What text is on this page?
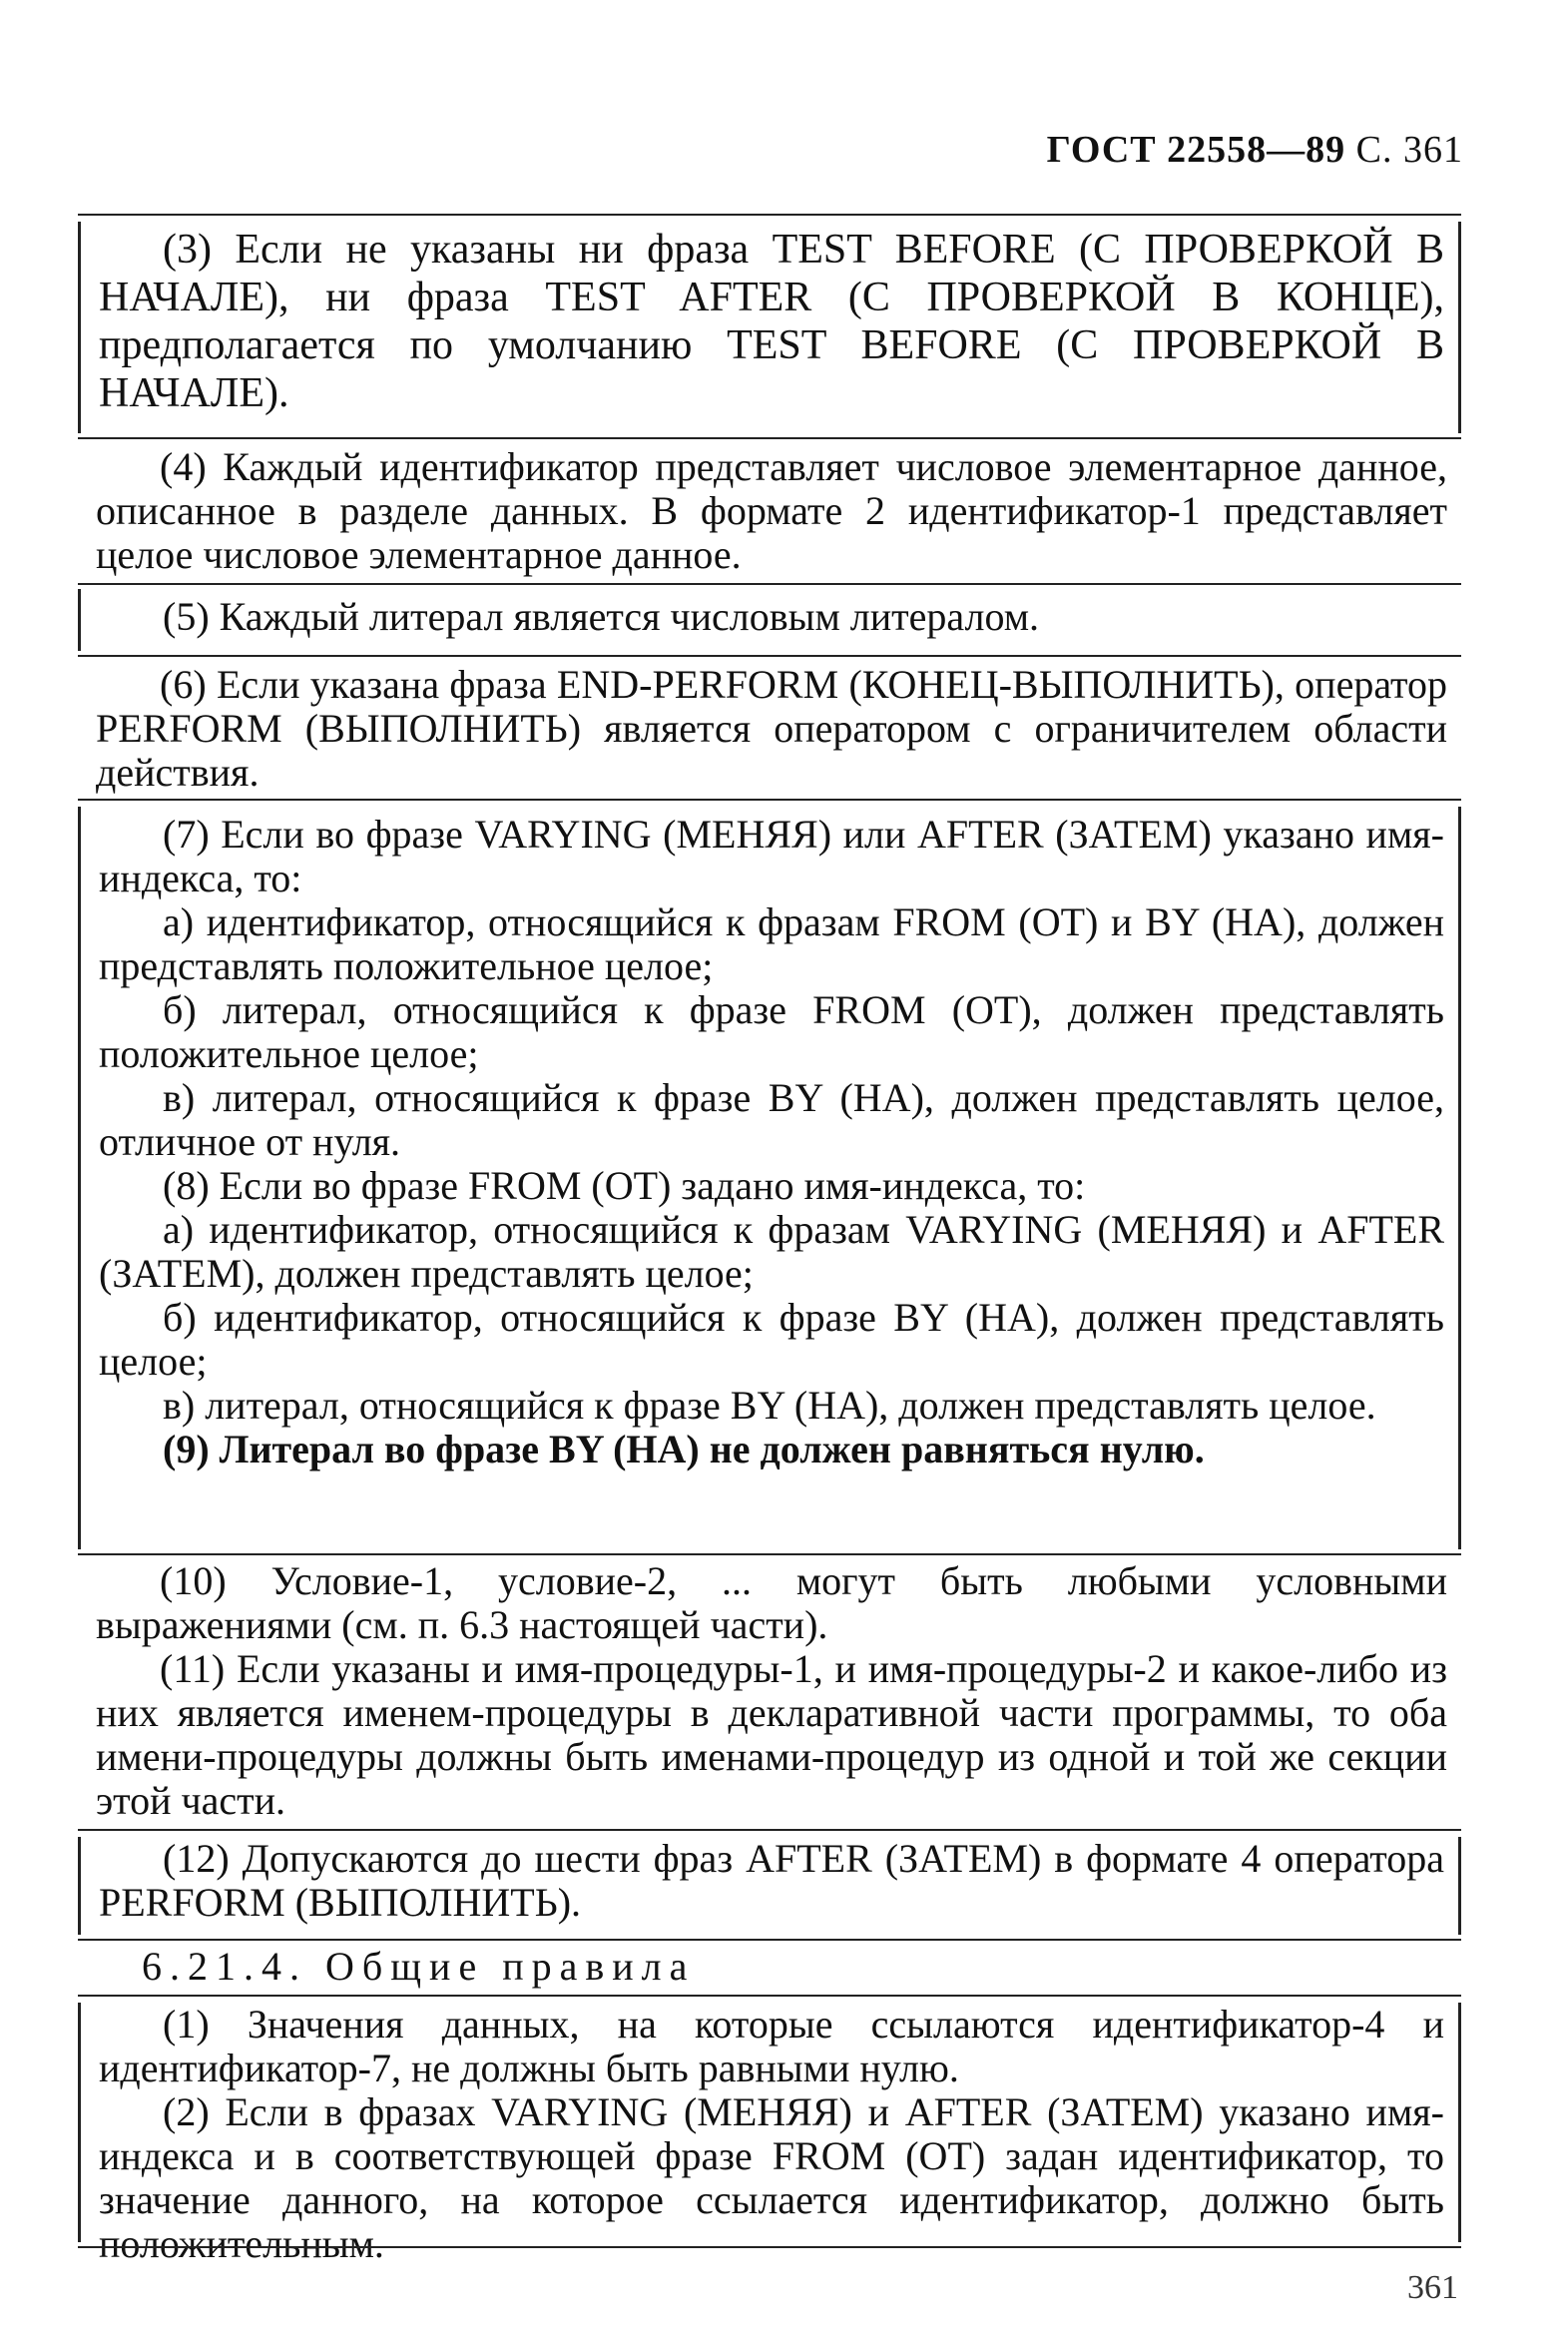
ГОСТ 22558—89 С. 361

(3) Если не указаны ни фраза TEST BEFORE (С ПРОВЕРКОЙ В НАЧАЛЕ), ни фраза TEST AFTER (С ПРОВЕРКОЙ В КОНЦЕ), предполагается по умолчанию TEST BEFORE (С ПРОВЕРКОЙ В НАЧАЛЕ).

(4) Каждый идентификатор представляет числовое элементарное данное, описанное в разделе данных. В формате 2 идентификатор-1 представляет целое числовое элементарное данное.

(5) Каждый литерал является числовым литералом.

(6) Если указана фраза END-PERFORM (КОНЕЦ-ВЫПОЛНИТЬ), оператор PERFORM (ВЫПОЛНИТЬ) является оператором с ограничителем области действия.

(7) Если во фразе VARYING (МЕНЯЯ) или AFTER (ЗАТЕМ) указано имя-индекса, то:

а) идентификатор, относящийся к фразам FROM (ОТ) и BY (НА), должен представлять положительное целое;

б) литерал, относящийся к фразе FROM (ОТ), должен представлять положительное целое;

в) литерал, относящийся к фразе BY (НА), должен представлять целое, отличное от нуля.

(8) Если во фразе FROM (ОТ) задано имя-индекса, то:

а) идентификатор, относящийся к фразам VARYING (МЕНЯЯ) и AFTER (ЗАТЕМ), должен представлять целое;

б) идентификатор, относящийся к фразе BY (НА), должен представлять целое;

в) литерал, относящийся к фразе BY (НА), должен представлять целое.

(9) Литерал во фразе BY (НА) не должен равняться нулю.

(10) Условие-1, условие-2, ... могут быть любыми условными выражениями (см. п. 6.3 настоящей части).

(11) Если указаны и имя-процедуры-1, и имя-процедуры-2 и какое-либо из них является именем-процедуры в декларативной части программы, то оба имени-процедуры должны быть именами-процедур из одной и той же секции этой части.

(12) Допускаются до шести фраз AFTER (ЗАТЕМ) в формате 4 оператора PERFORM (ВЫПОЛНИТЬ).

6.21.4. Общие правила

(1) Значения данных, на которые ссылаются идентификатор-4 и идентификатор-7, не должны быть равными нулю.

(2) Если в фразах VARYING (МЕНЯЯ) и AFTER (ЗАТЕМ) указано имя-индекса и в соответствующей фразе FROM (ОТ) задан идентификатор, то значение данного, на которое ссылается идентификатор, должно быть положительным.

361
